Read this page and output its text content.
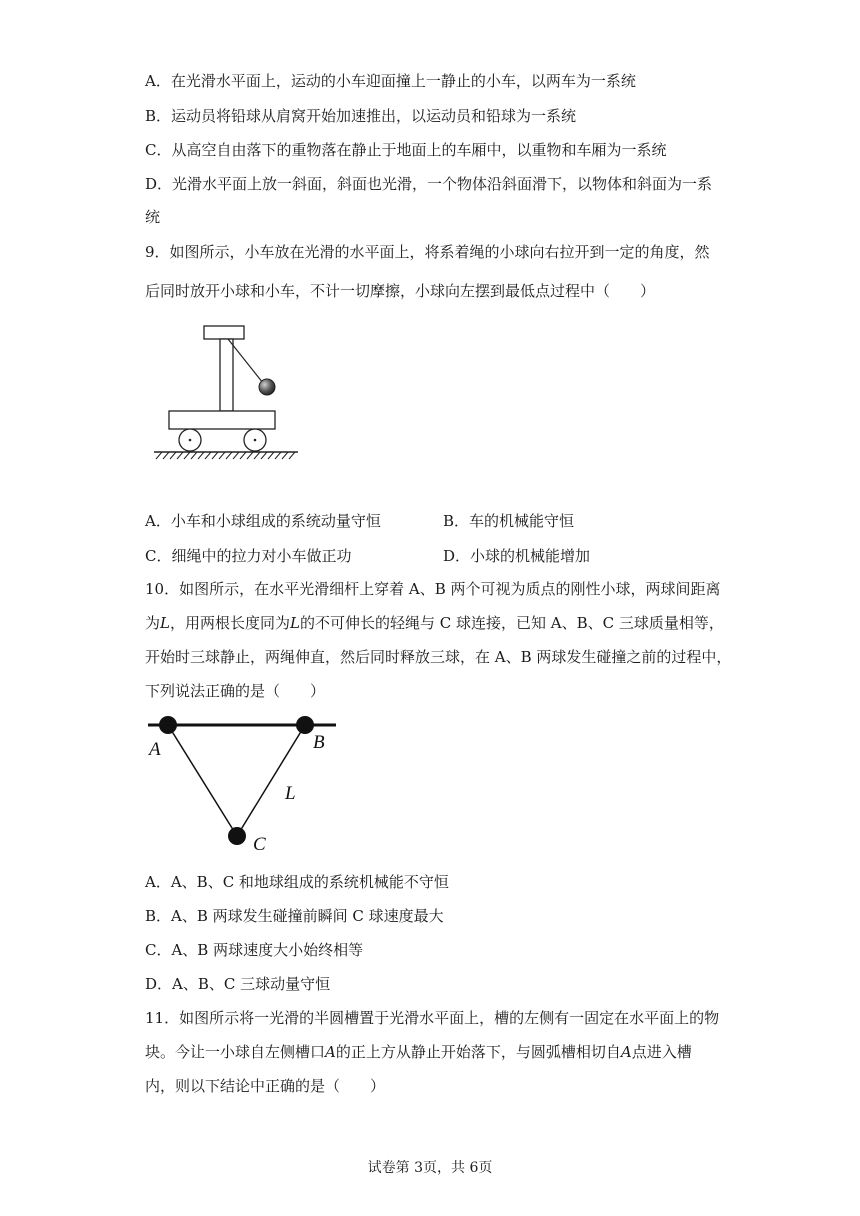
A．在光滑水平面上，运动的小车迎面撞上一静止的小车，以两车为一系统
B．运动员将铅球从肩窝开始加速推出，以运动员和铅球为一系统
C．从高空自由落下的重物落在静止于地面上的车厢中，以重物和车厢为一系统
D．光滑水平面上放一斜面，斜面也光滑，一个物体沿斜面滑下，以物体和斜面为一系
统
9．如图所示，小车放在光滑的水平面上，将系着绳的小球向右拉开到一定的角度，然
后同时放开小球和小车，不计一切摩擦，小球向左摆到最低点过程中（　　）
A．小车和小球组成的系统动量守恒	B．车的机械能守恒
C．细绳中的拉力对小车做正功	D．小球的机械能增加
10．如图所示，在水平光滑细杆上穿着 A、B 两个可视为质点的刚性小球，两球间距离
为L，用两根长度同为L的不可伸长的轻绳与 C 球连接，已知 A、B、C 三球质量相等，
开始时三球静止，两绳伸直，然后同时释放三球，在 A、B 两球发生碰撞之前的过程中，
下列说法正确的是（　　）
A	B
L
C
A．A、B、C 和地球组成的系统机械能不守恒
B．A、B 两球发生碰撞前瞬间 C 球速度最大
C．A、B 两球速度大小始终相等
D．A、B、C 三球动量守恒
11．如图所示将一光滑的半圆槽置于光滑水平面上，槽的左侧有一固定在水平面上的物
块。今让一小球自左侧槽口A的正上方从静止开始落下，与圆弧槽相切自A点进入槽
内，则以下结论中正确的是（　　）
试卷第 3页，共 6页
